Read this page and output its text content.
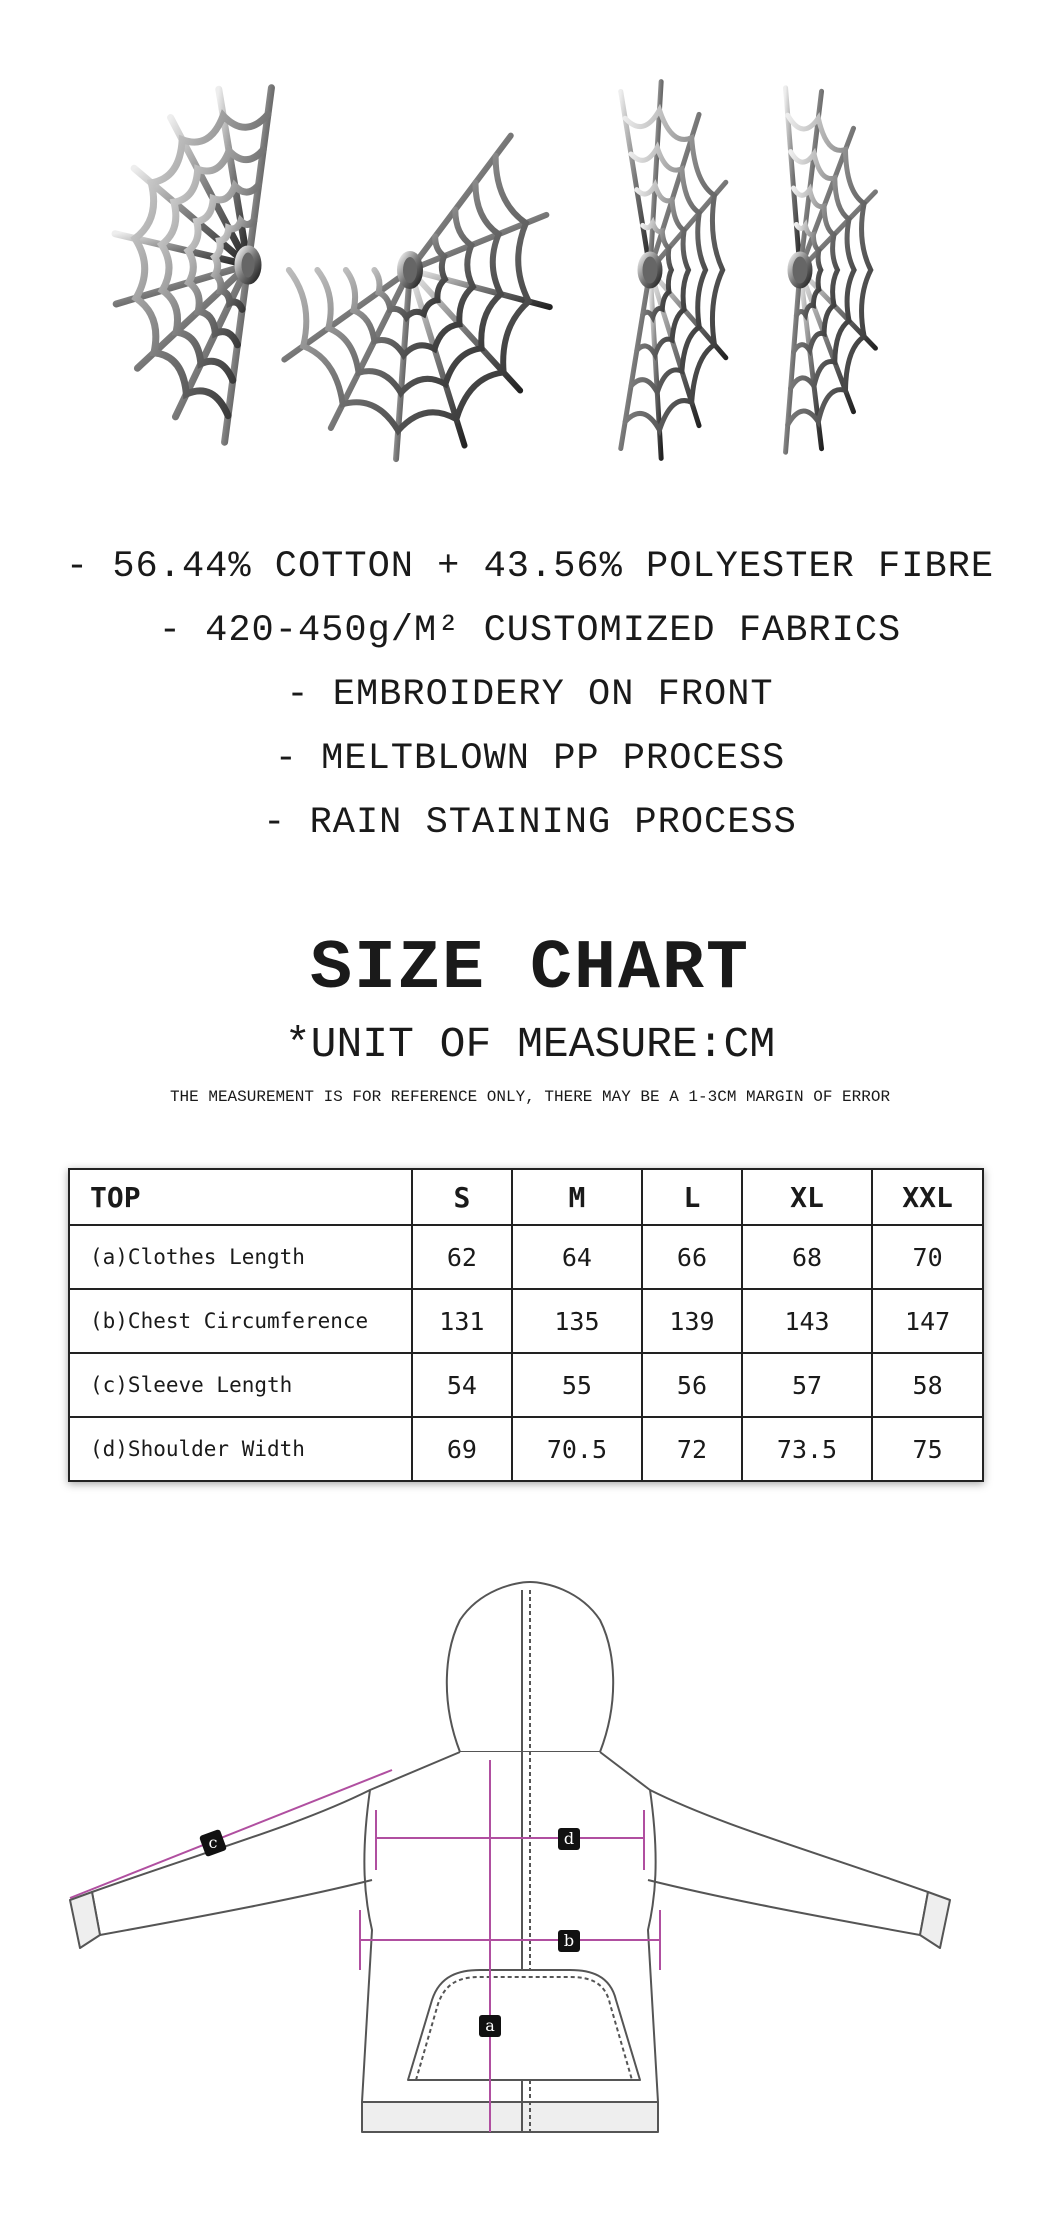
- 56.44% COTTON + 43.56% POLYESTER FIBRE
- 420-450g/M² CUSTOMIZED FABRICS
- EMBROIDERY ON FRONT
- MELTBLOWN PP PROCESS
- RAIN STAINING PROCESS
SIZE CHART
*UNIT OF MEASURE:CM
THE MEASUREMENT IS FOR REFERENCE ONLY, THERE MAY BE A 1-3CM MARGIN OF ERROR
TOP	S	M	L	XL	XXL
(a)Clothes Length	62	64	66	68	70
(b)Chest Circumference	131	135	139	143	147
(c)Sleeve Length	54	55	56	57	58
(d)Shoulder Width	69	70.5	72	73.5	75
d
b
a
c
